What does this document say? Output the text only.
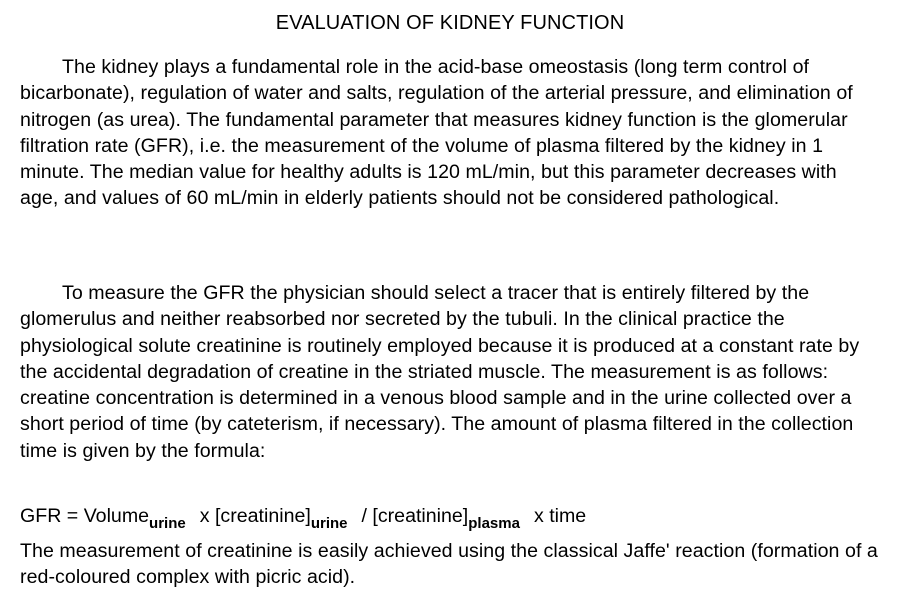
EVALUATION OF KIDNEY FUNCTION

The kidney plays a fundamental role in the acid-base omeostasis (long term control of bicarbonate), regulation of water and salts, regulation of the arterial pressure, and elimination of nitrogen (as urea). The fundamental parameter that measures kidney function is the glomerular filtration rate (GFR), i.e. the measurement of the volume of plasma filtered by the kidney in 1 minute. The median value for healthy adults is 120 mL/min, but this parameter decreases with age, and values of 60 mL/min in elderly patients should not be considered pathological.

To measure the GFR the physician should select a tracer that is entirely filtered by the glomerulus and neither reabsorbed nor secreted by the tubuli. In the clinical practice the physiological solute creatinine is routinely employed because it is produced at a constant rate by the accidental degradation of creatine in the striated muscle. The measurement is as follows: creatine concentration is determined in a venous blood sample and in the urine collected over a short period of time (by cateterism, if necessary). The amount of plasma filtered in the collection time is given by the formula:

GFR = Volume$_{urine}$ x $[creatinine]_{urine}$ / $[creatinine]_{plasma}$ x time

The measurement of creatinine is easily achieved using the classical Jaffe' reaction (formation of a red-coloured complex with picric acid).
